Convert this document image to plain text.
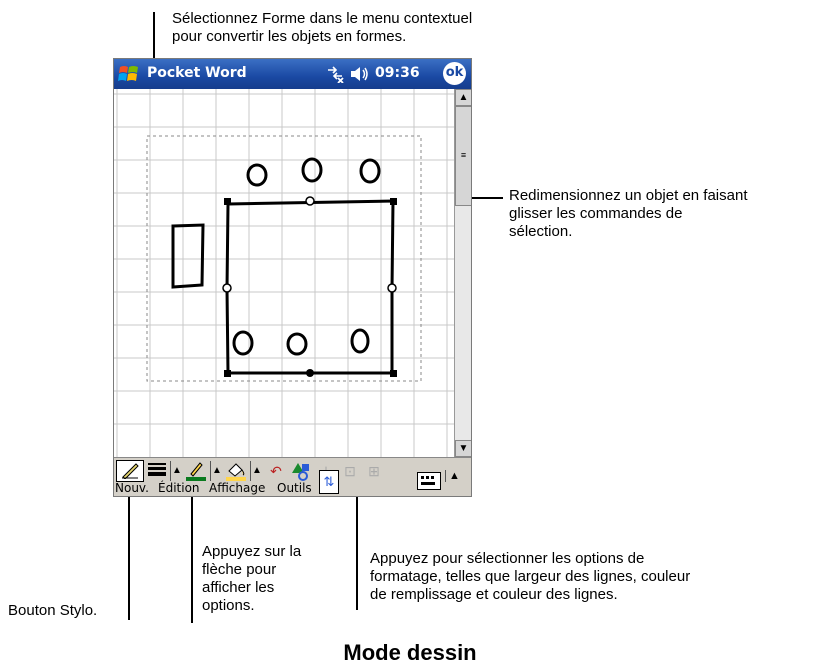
Sélectionnez Forme dans le menu contextuel
pour convertir les objets en formes.
Redimensionnez un objet en faisant
glisser les commandes de
sélection.
Appuyez sur la
flèche pour
afficher les
options.
Appuyez pour sélectionner les options de
formatage, telles que largeur des lignes, couleur
de remplissage et couleur des lignes.
Bouton Stylo.
Pocket Word	09:36 ok
▲
≡
▼
▲	▲	▲ ↶	⊡ ⊞
Nouv. Édition Affichage Outils ⇅	▲
Mode dessin
